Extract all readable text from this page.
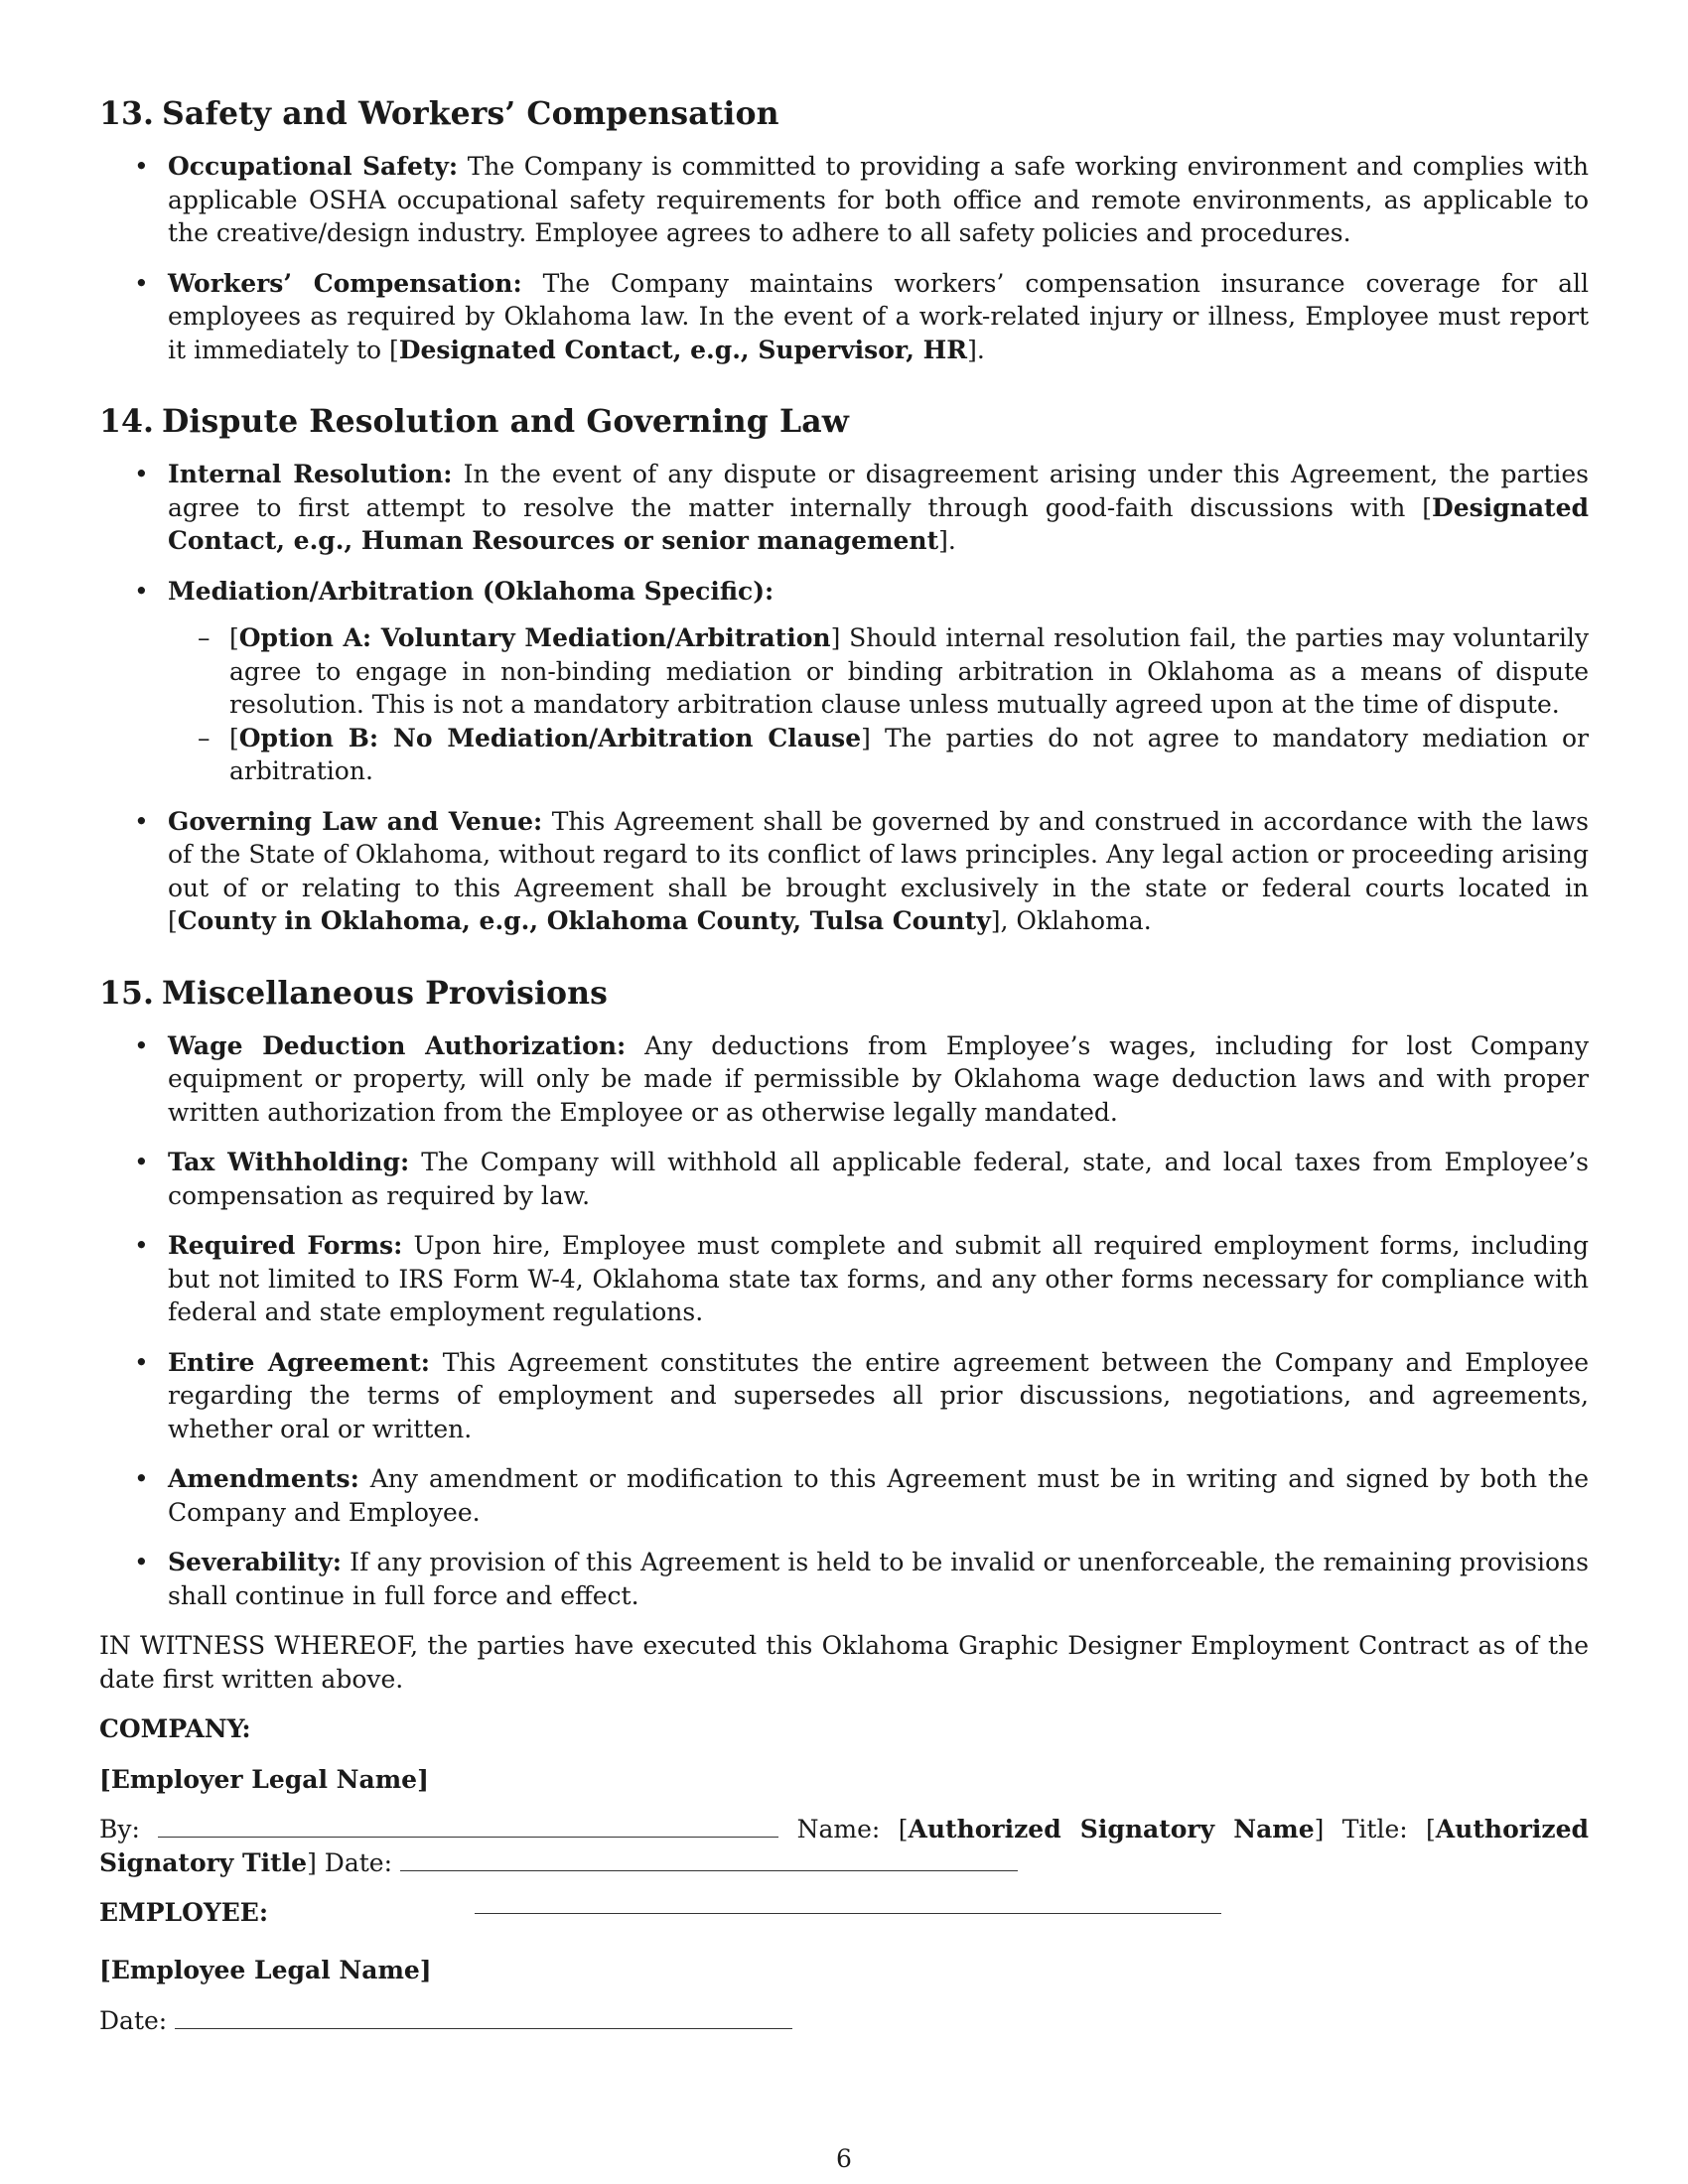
13. Safety and Workers’ Compensation
• Occupational Safety: The Company is committed to providing a safe working environment and complies with applicable OSHA occupational safety requirements for both office and remote environments, as applicable to the creative/design industry. Employee agrees to adhere to all safety policies and procedures.
• Workers’ Compensation: The Company maintains workers’ compensation insurance coverage for all employees as required by Oklahoma law. In the event of a work-related injury or illness, Employee must report it immediately to [Designated Contact, e.g., Supervisor, HR].
14. Dispute Resolution and Governing Law
• Internal Resolution: In the event of any dispute or disagreement arising under this Agreement, the parties agree to first attempt to resolve the matter internally through good-faith discussions with [Designated Contact, e.g., Human Resources or senior management].
• Mediation/Arbitration (Oklahoma Specific):
– [Option A: Voluntary Mediation/Arbitration] Should internal resolution fail, the parties may voluntarily agree to engage in non-binding mediation or binding arbitration in Oklahoma as a means of dispute resolution. This is not a mandatory arbitration clause unless mutually agreed upon at the time of dispute.
– [Option B: No Mediation/Arbitration Clause] The parties do not agree to mandatory mediation or arbitration.
• Governing Law and Venue: This Agreement shall be governed by and construed in accordance with the laws of the State of Oklahoma, without regard to its conflict of laws principles. Any legal action or proceeding arising out of or relating to this Agreement shall be brought exclusively in the state or federal courts located in [County in Oklahoma, e.g., Oklahoma County, Tulsa County], Oklahoma.
15. Miscellaneous Provisions
• Wage Deduction Authorization: Any deductions from Employee’s wages, including for lost Company equipment or property, will only be made if permissible by Oklahoma wage deduction laws and with proper written authorization from the Employee or as otherwise legally mandated.
• Tax Withholding: The Company will withhold all applicable federal, state, and local taxes from Employee’s compensation as required by law.
• Required Forms: Upon hire, Employee must complete and submit all required employment forms, including but not limited to IRS Form W-4, Oklahoma state tax forms, and any other forms necessary for compliance with federal and state employment regulations.
• Entire Agreement: This Agreement constitutes the entire agreement between the Company and Employee regarding the terms of employment and supersedes all prior discussions, negotiations, and agreements, whether oral or written.
• Amendments: Any amendment or modification to this Agreement must be in writing and signed by both the Company and Employee.
• Severability: If any provision of this Agreement is held to be invalid or unenforceable, the remaining provisions shall continue in full force and effect.

IN WITNESS WHEREOF, the parties have executed this Oklahoma Graphic Designer Employment Contract as of the date first written above.

COMPANY:

[Employer Legal Name]

By:	Name: [Authorized Signatory Name] Title: [Authorized Signatory Title] Date:

EMPLOYEE:

[Employee Legal Name]

Date:

6
